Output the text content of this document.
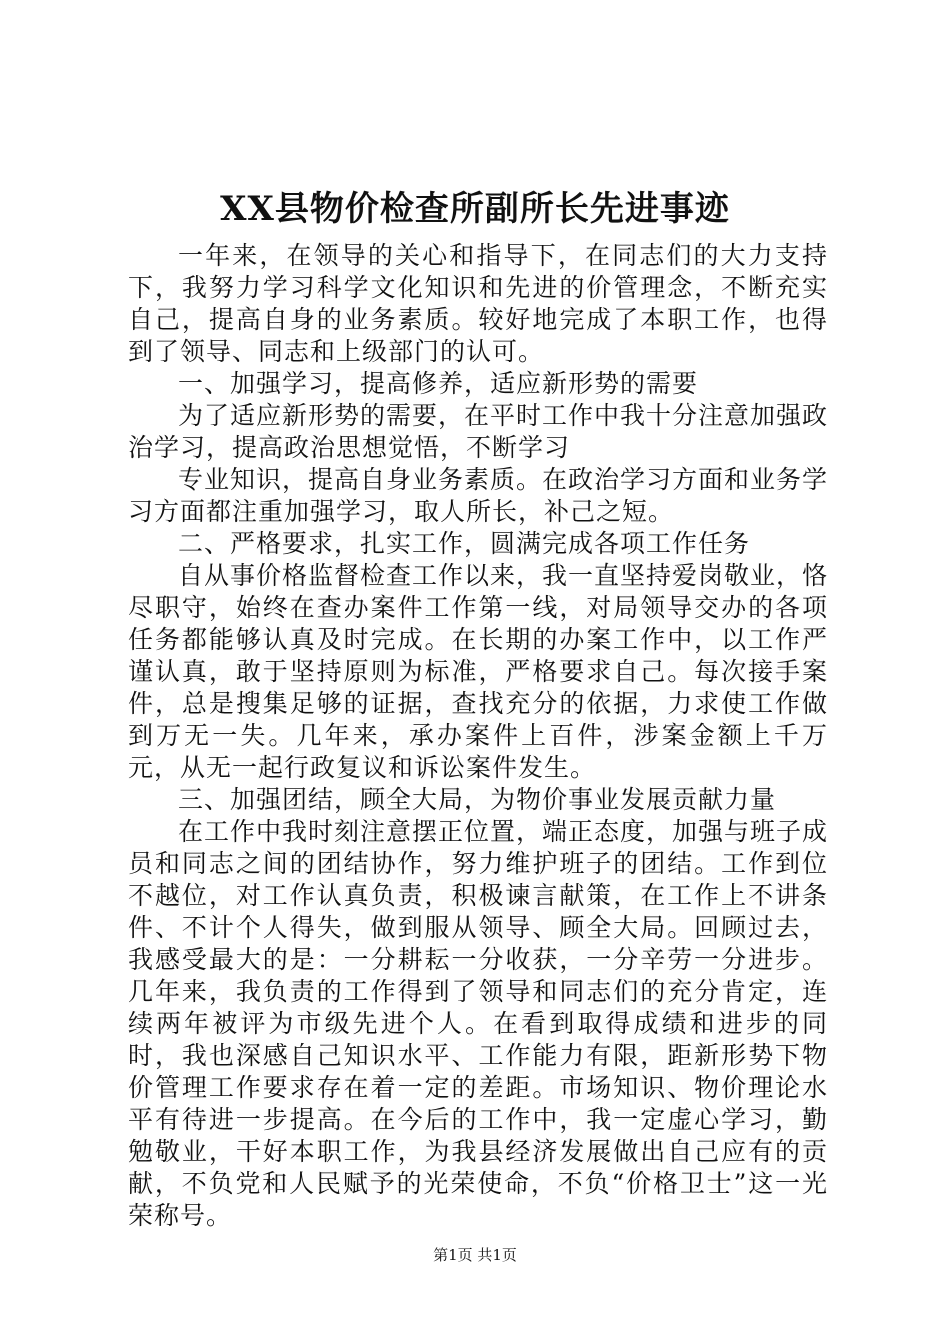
XX县物价检查所副所长先进事迹

一年来，在领导的关心和指导下，在同志们的大力支持下，我努力学习科学文化知识和先进的价管理念，不断充实自己，提高自身的业务素质。较好地完成了本职工作，也得到了领导、同志和上级部门的认可。

一、加强学习，提高修养，适应新形势的需要

为了适应新形势的需要，在平时工作中我十分注意加强政治学习，提高政治思想觉悟，不断学习

专业知识，提高自身业务素质。在政治学习方面和业务学习方面都注重加强学习，取人所长，补己之短。

二、严格要求，扎实工作，圆满完成各项工作任务

自从事价格监督检查工作以来，我一直坚持爱岗敬业，恪尽职守，始终在查办案件工作第一线，对局领导交办的各项任务都能够认真及时完成。在长期的办案工作中，以工作严谨认真，敢于坚持原则为标准，严格要求自己。每次接手案件，总是搜集足够的证据，查找充分的依据，力求使工作做到万无一失。几年来，承办案件上百件，涉案金额上千万元，从无一起行政复议和诉讼案件发生。

三、加强团结，顾全大局，为物价事业发展贡献力量

在工作中我时刻注意摆正位置，端正态度，加强与班子成员和同志之间的团结协作，努力维护班子的团结。工作到位不越位，对工作认真负责，积极谏言献策，在工作上不讲条件、不计个人得失，做到服从领导、顾全大局。回顾过去，我感受最大的是：一分耕耘一分收获，一分辛劳一分进步。几年来，我负责的工作得到了领导和同志们的充分肯定，连续两年被评为市级先进个人。在看到取得成绩和进步的同时，我也深感自己知识水平、工作能力有限，距新形势下物价管理工作要求存在着一定的差距。市场知识、物价理论水平有待进一步提高。在今后的工作中，我一定虚心学习，勤勉敬业，干好本职工作，为我县经济发展做出自己应有的贡献，不负党和人民赋予的光荣使命，不负“价格卫士”这一光荣称号。

第1页 共1页
